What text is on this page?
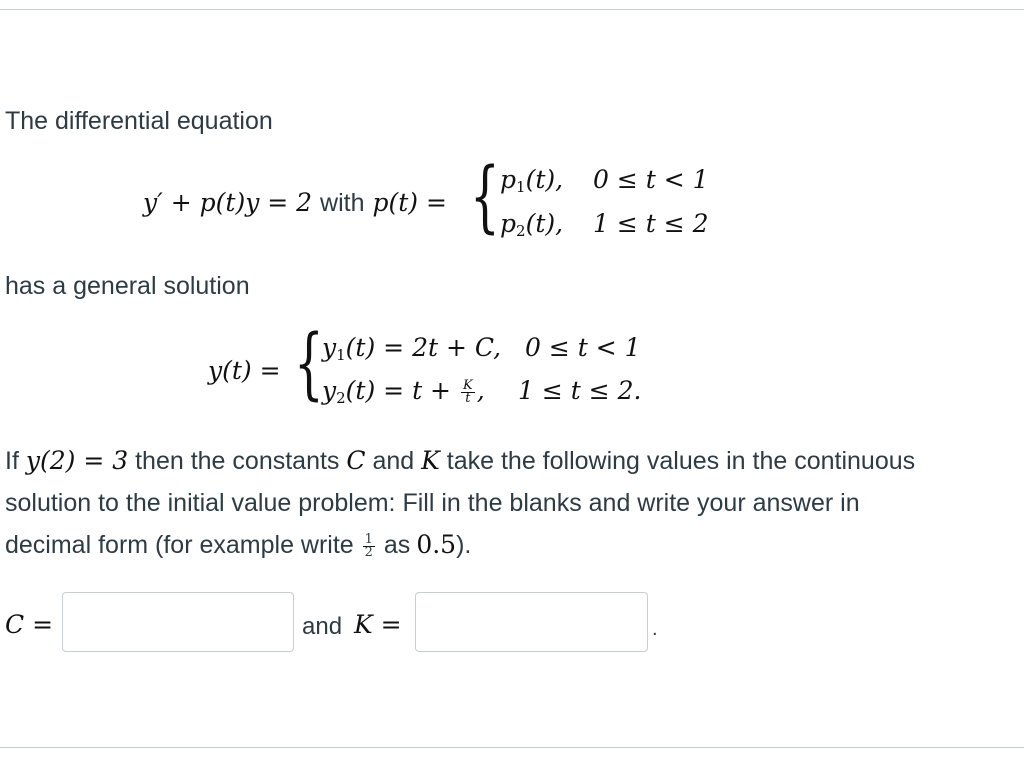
The differential equation
y′ + p(t)y = 2 with p(t) = { $p_1(t)$, 0 ≤ t < 1
$p_2(t)$, 1 ≤ t ≤ 2
has a general solution
y(t) = {
$y_1(t) = 2t + C$, 0 ≤ t < 1
$y_2(t) = t + \frac{K}{t}$ , 1 ≤ t ≤ 2.
If y(2) = 3 then the constants C and K take the following values in the continuous
solution to the initial value problem: Fill in the blanks and write your answer in
decimal form (for example write $\frac{1}{2}$ as 0.5).
C =	and K =	.
